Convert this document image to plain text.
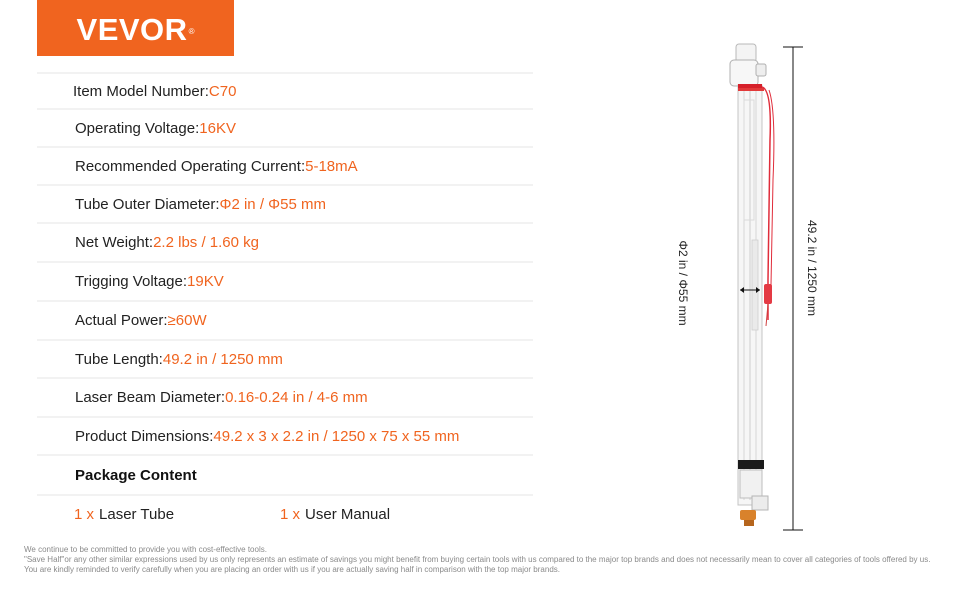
VEVOR ®
Item Model Number: C70
Operating Voltage: 16KV
Recommended Operating Current: 5-18mA
Tube Outer Diameter: Φ2 in / Φ55 mm
Net Weight: 2.2 lbs / 1.60 kg
Trigging Voltage: 19KV
Actual Power: ≥60W
Tube Length: 49.2 in / 1250 mm
Laser Beam Diameter: 0.16-0.24 in / 4-6 mm
Product Dimensions: 49.2 x 3 x 2.2 in / 1250 x 75 x 55 mm
Package Content
1 x Laser Tube	1 x User Manual
Φ2 in / Φ55 mm	49.2 in / 1250 mm
We continue to be committed to provide you with cost-effective tools.
"Save Half"or any other similar expressions used by us only represents an estimate of savings you might benefit from buying certain tools with us compared to the major top brands and does not necessarily mean to cover all categories of tools offered by us.
You are kindly reminded to verify carefully when you are placing an order with us if you are actually saving half in comparison with the top major brands.
